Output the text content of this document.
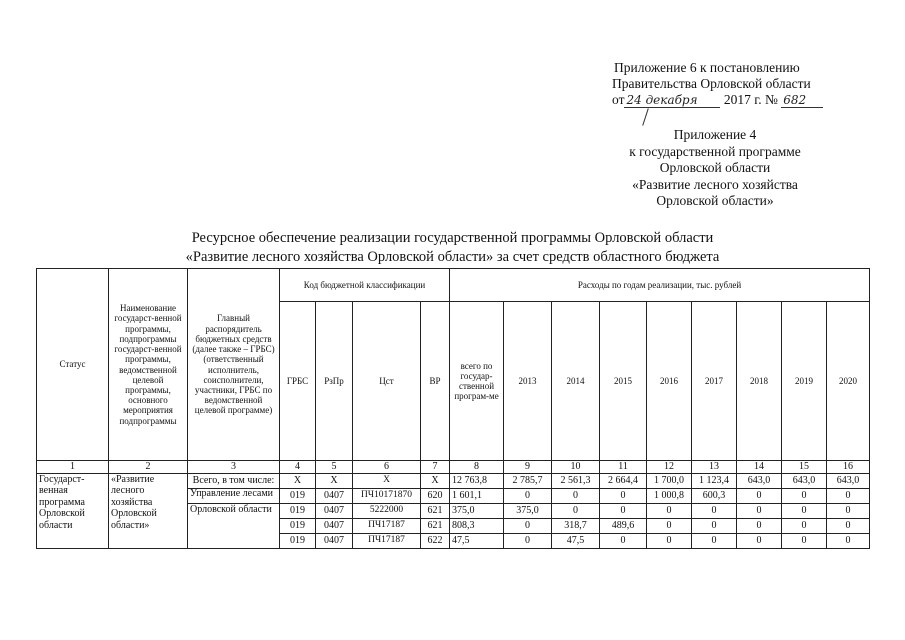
Приложение 6 к постановлению
Правительства Орловской области
от 24 декабря 2017 г. № 682
Приложение 4
к государственной программе
Орловской области
«Развитие лесного хозяйства
Орловской области»
Ресурсное обеспечение реализации государственной программы Орловской области
«Развитие лесного хозяйства Орловской области» за счет средств областного бюджета
Статус	Наименование государст-венной программы, подпрограммы государст-венной программы, ведомственной целевой программы, основного мероприятия подпрограммы	Главный распорядитель бюджетных средств (далее также – ГРБС) (ответственный исполнитель, соисполнители, участники, ГРБС по ведомственной целевой программе)	Код бюджетной классификации				Расходы по годам реализации, тыс. рублей								
			ГРБС	РзПр	Цст	ВР	всего по государ-ственной програм-ме	2013	2014	2015	2016	2017	2018	2019	2020
1	2	3	4	5	6	7	8	9	10	11	12	13	14	15	16
Государст-венная программа Орловской области	«Развитие лесного хозяйства Орловской области»	Всего, в том числе:	Х	Х	Х	Х	12 763,8	2 785,7	2 561,3	2 664,4	1 700,0	1 123,4	643,0	643,0	643,0
		Управление лесами	019	0407	ПЧ10171870	620	1 601,1	0	0	0	1 000,8	600,3	0	0	0
		Орловской области	019	0407	5222000	621	375,0	375,0	0	0	0	0	0	0	0
			019	0407	ПЧ17187	621	808,3	0	318,7	489,6	0	0	0	0	0
			019	0407	ПЧ17187	622	47,5	0	47,5	0	0	0	0	0	0
